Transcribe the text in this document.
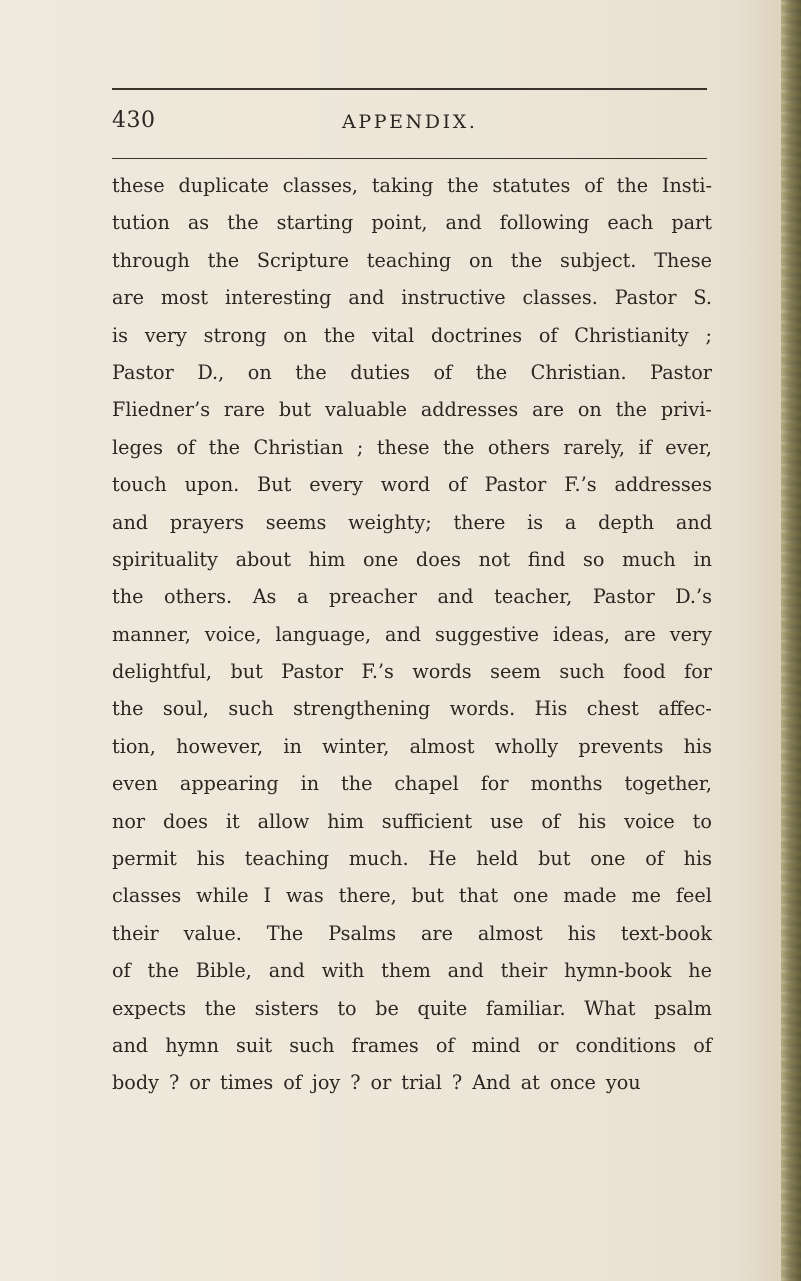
430	APPENDIX.
these duplicate classes, taking the statutes of the Insti-
tution as the starting point, and following each part
through the Scripture teaching on the subject. These
are most interesting and instructive classes. Pastor S.
is very strong on the vital doctrines of Christianity ;
Pastor D., on the duties of the Christian. Pastor
Fliedner’s rare but valuable addresses are on the privi-
leges of the Christian ; these the others rarely, if ever,
touch upon. But every word of Pastor F.’s addresses
and prayers seems weighty; there is a depth and
spirituality about him one does not find so much in
the others. As a preacher and teacher, Pastor D.’s
manner, voice, language, and suggestive ideas, are very
delightful, but Pastor F.’s words seem such food for
the soul, such strengthening words. His chest affec-
tion, however, in winter, almost wholly prevents his
even appearing in the chapel for months together,
nor does it allow him sufficient use of his voice to
permit his teaching much. He held but one of his
classes while I was there, but that one made me feel
their value. The Psalms are almost his text-book
of the Bible, and with them and their hymn-book he
expects the sisters to be quite familiar. What psalm
and hymn suit such frames of mind or conditions of
body ? or times of joy ? or trial ? And at once you
